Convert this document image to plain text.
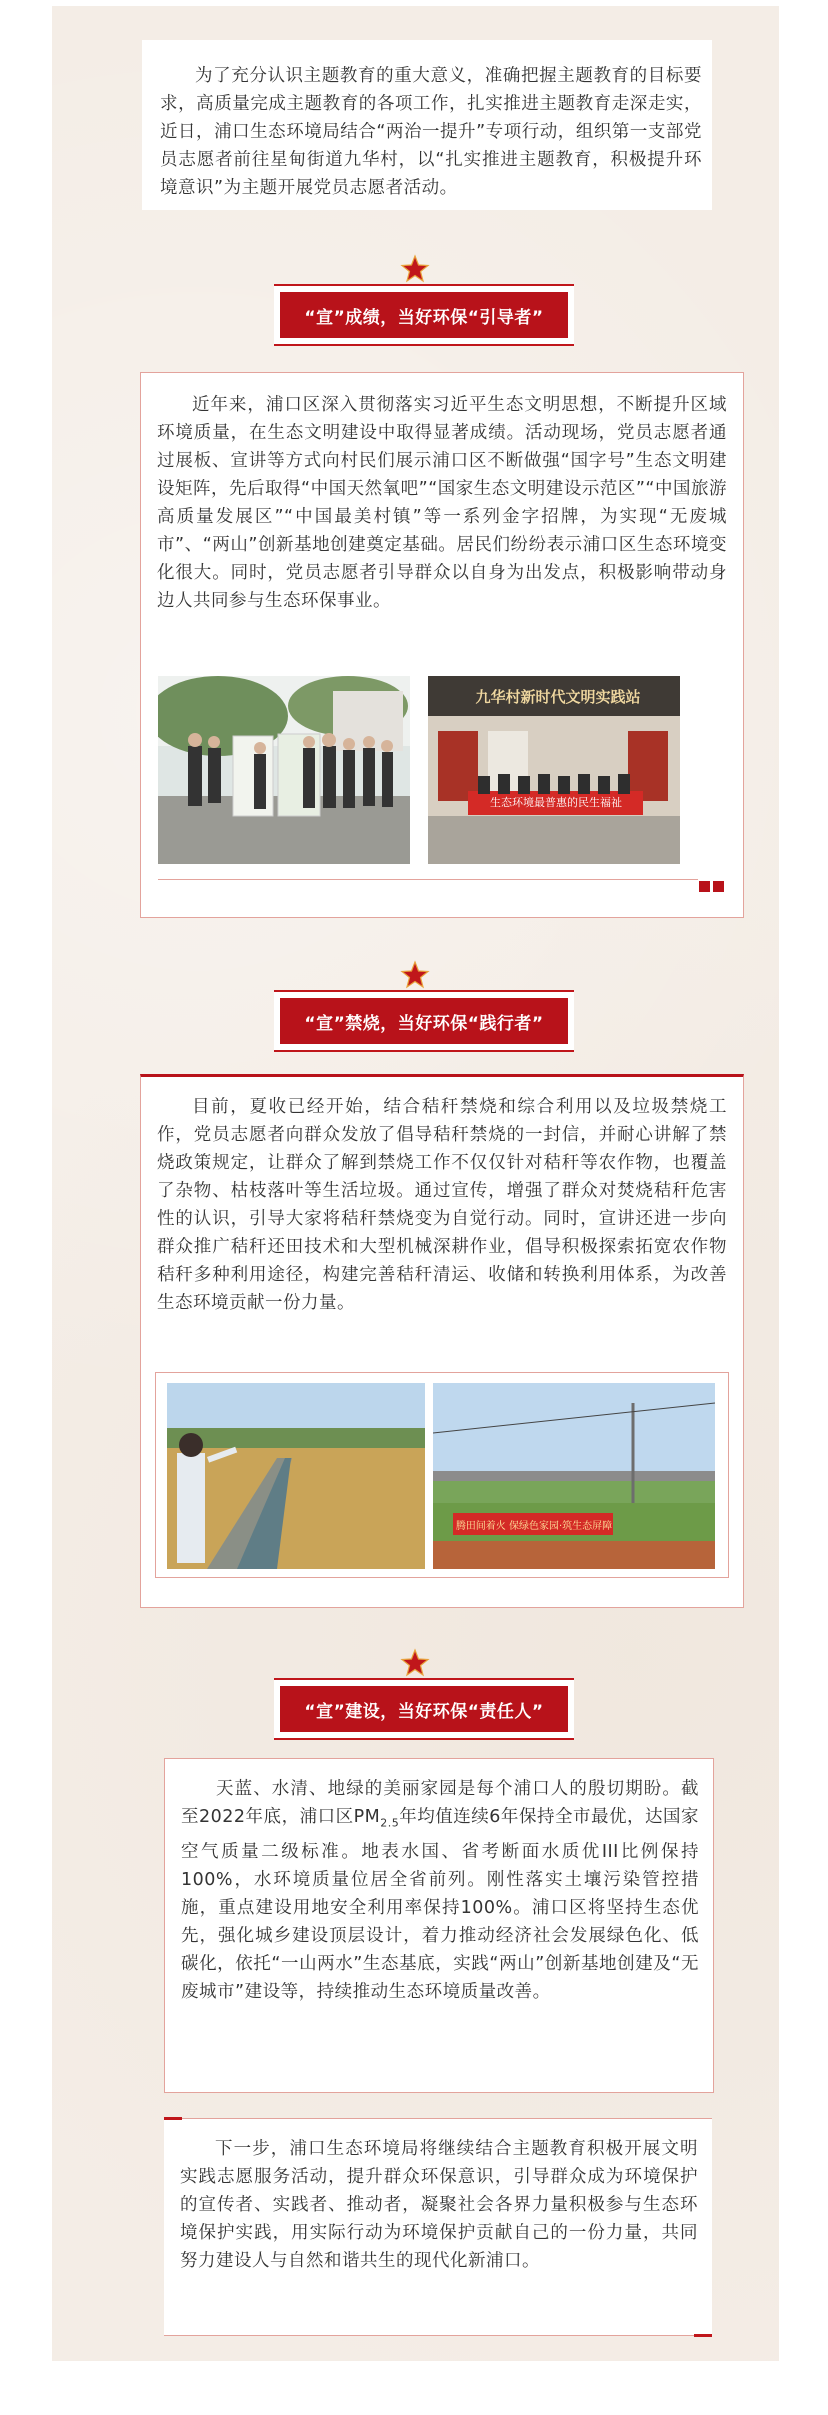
为了充分认识主题教育的重大意义，准确把握主题教育的目标要求，高质量完成主题教育的各项工作，扎实推进主题教育走深走实，近日，浦口生态环境局结合“两治一提升”专项行动，组织第一支部党员志愿者前往星甸街道九华村，以“扎实推进主题教育，积极提升环境意识”为主题开展党员志愿者活动。

“宣”成绩，当好环保“引导者”

近年来，浦口区深入贯彻落实习近平生态文明思想，不断提升区域环境质量，在生态文明建设中取得显著成绩。活动现场，党员志愿者通过展板、宣讲等方式向村民们展示浦口区不断做强“国字号”生态文明建设矩阵，先后取得“中国天然氧吧”“国家生态文明建设示范区”“中国旅游高质量发展区”“中国最美村镇”等一系列金字招牌，为实现“无废城市”、“两山”创新基地创建奠定基础。居民们纷纷表示浦口区生态环境变化很大。同时，党员志愿者引导群众以自身为出发点，积极影响带动身边人共同参与生态环保事业。

九华村新时代文明实践站
生态环境最普惠的民生福祉
“宣”禁烧，当好环保“践行者”

目前，夏收已经开始，结合秸秆禁烧和综合利用以及垃圾禁烧工作，党员志愿者向群众发放了倡导秸秆禁烧的一封信，并耐心讲解了禁烧政策规定，让群众了解到禁烧工作不仅仅针对秸秆等农作物，也覆盖了杂物、枯枝落叶等生活垃圾。通过宣传，增强了群众对焚烧秸秆危害性的认识，引导大家将秸秆禁烧变为自觉行动。同时，宣讲还进一步向群众推广秸秆还田技术和大型机械深耕作业，倡导积极探索拓宽农作物秸秆多种利用途径，构建完善秸秆清运、收储和转换利用体系，为改善生态环境贡献一份力量。

腾田间着火 保绿色家园·筑生态屏障
“宣”建设，当好环保“责任人”

天蓝、水清、地绿的美丽家园是每个浦口人的殷切期盼。截至2022年底，浦口区$PM_{2.5}$年均值连续6年保持全市最优，达国家空气质量二级标准。地表水国、省考断面水质优III比例保持100%，水环境质量位居全省前列。刚性落实土壤污染管控措施，重点建设用地安全利用率保持100%。浦口区将坚持生态优先，强化城乡建设顶层设计，着力推动经济社会发展绿色化、低碳化，依托“一山两水”生态基底，实践“两山”创新基地创建及“无废城市”建设等，持续推动生态环境质量改善。

下一步，浦口生态环境局将继续结合主题教育积极开展文明实践志愿服务活动，提升群众环保意识，引导群众成为环境保护的宣传者、实践者、推动者，凝聚社会各界力量积极参与生态环境保护实践，用实际行动为环境保护贡献自己的一份力量，共同努力建设人与自然和谐共生的现代化新浦口。
